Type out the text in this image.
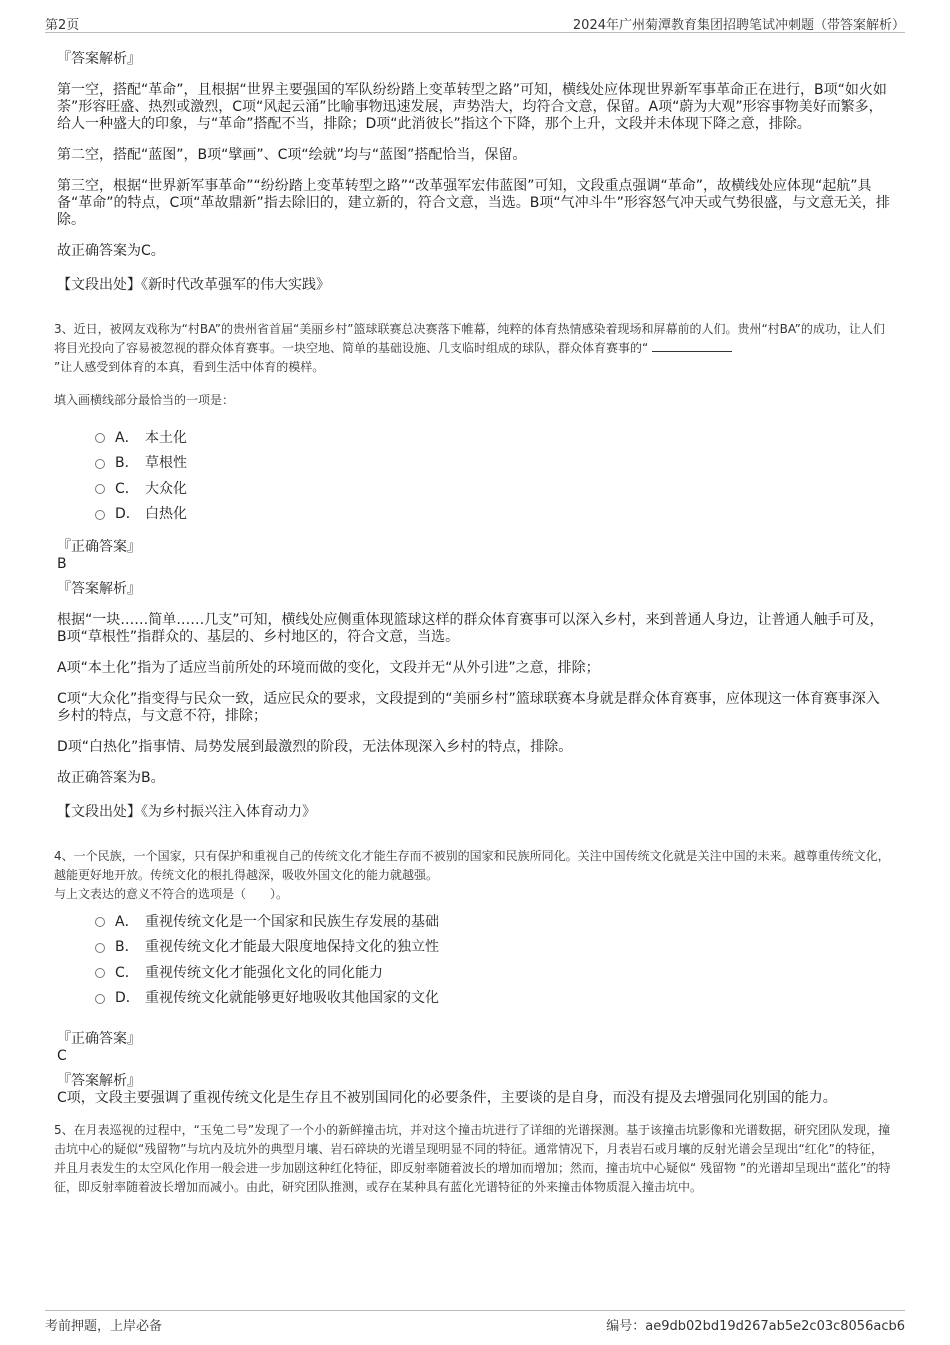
第2页	2024年广州菊潭教育集团招聘笔试冲刺题（带答案解析）
『答案解析』

第一空，搭配“革命”，且根据“世界主要强国的军队纷纷踏上变革转型之路”可知，横线处应体现世界新军事革命正在进行，B项“如火如荼”形容旺盛、热烈或激烈，C项“风起云涌”比喻事物迅速发展，声势浩大，均符合文意，保留。A项“蔚为大观”形容事物美好而繁多，给人一种盛大的印象，与“革命”搭配不当，排除；D项“此消彼长”指这个下降，那个上升，文段并未体现下降之意，排除。

第二空，搭配“蓝图”，B项“擘画”、C项“绘就”均与“蓝图”搭配恰当，保留。

第三空，根据“世界新军事革命”“纷纷踏上变革转型之路”“改革强军宏伟蓝图”可知，文段重点强调“革命”，故横线处应体现“起航”具备“革命”的特点，C项“革故鼎新”指去除旧的，建立新的，符合文意，当选。B项“气冲斗牛”形容怒气冲天或气势很盛，与文意无关，排除。

故正确答案为C。

【文段出处】《新时代改革强军的伟大实践》
3、近日，被网友戏称为“村BA”的贵州省首届“美丽乡村”篮球联赛总决赛落下帷幕，纯粹的体育热情感染着现场和屏幕前的人们。贵州“村BA”的成功，让人们将目光投向了容易被忽视的群众体育赛事。一块空地、简单的基础设施、几支临时组成的球队，群众体育赛事的“
”让人感受到体育的本真，看到生活中体育的模样。
填入画横线部分最恰当的一项是：
A． 本土化
B． 草根性
C． 大众化
D． 白热化
『正确答案』
B
『答案解析』

根据“一块……简单……几支”可知，横线处应侧重体现篮球这样的群众体育赛事可以深入乡村，来到普通人身边，让普通人触手可及，B项“草根性”指群众的、基层的、乡村地区的，符合文意，当选。

A项“本土化”指为了适应当前所处的环境而做的变化，文段并无“从外引进”之意，排除；

C项“大众化”指变得与民众一致，适应民众的要求，文段提到的“美丽乡村”篮球联赛本身就是群众体育赛事，应体现这一体育赛事深入乡村的特点，与文意不符，排除；

D项“白热化”指事情、局势发展到最激烈的阶段，无法体现深入乡村的特点，排除。

故正确答案为B。

【文段出处】《为乡村振兴注入体育动力》
4、一个民族，一个国家，只有保护和重视自己的传统文化才能生存而不被别的国家和民族所同化。关注中国传统文化就是关注中国的未来。越尊重传统文化，越能更好地开放。传统文化的根扎得越深，吸收外国文化的能力就越强。
与上文表达的意义不符合的选项是（　　）。
A． 重视传统文化是一个国家和民族生存发展的基础
B． 重视传统文化才能最大限度地保持文化的独立性
C． 重视传统文化才能强化文化的同化能力
D． 重视传统文化就能够更好地吸收其他国家的文化
『正确答案』
C
『答案解析』

C项，文段主要强调了重视传统文化是生存且不被别国同化的必要条件，主要谈的是自身，而没有提及去增强同化别国的能力。

5、在月表巡视的过程中，“玉兔二号”发现了一个小的新鲜撞击坑，并对这个撞击坑进行了详细的光谱探测。基于该撞击坑影像和光谱数据，研究团队发现，撞击坑中心的疑似“残留物”与坑内及坑外的典型月壤、岩石碎块的光谱呈现明显不同的特征。通常情况下，月表岩石或月壤的反射光谱会呈现出“红化”的特征，并且月表发生的太空风化作用一般会进一步加剧这种红化特征，即反射率随着波长的增加而增加；然而，撞击坑中心疑似“ 残留物 ”的光谱却呈现出“蓝化”的特征，即反射率随着波长增加而减小。由此，研究团队推测，或存在某种具有蓝化光谱特征的外来撞击体物质混入撞击坑中。
考前押题，上岸必备	编号：ae9db02bd19d267ab5e2c03c8056acb6
